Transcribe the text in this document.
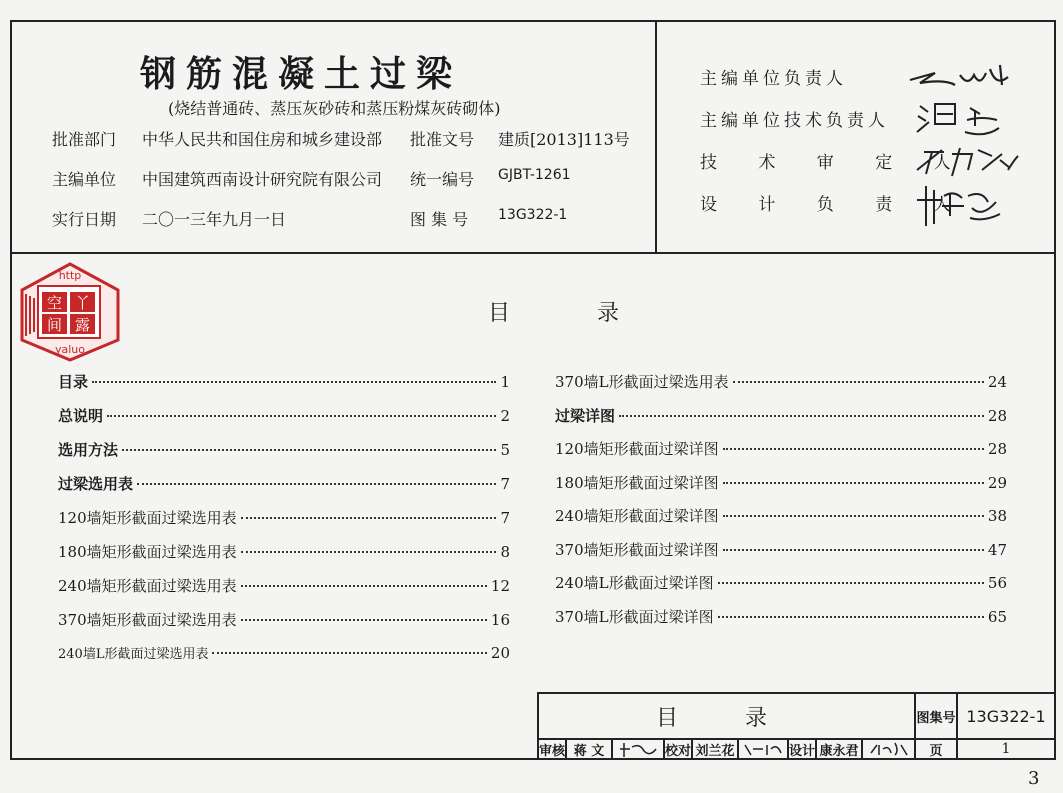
钢筋混凝土过梁
(烧结普通砖、蒸压灰砂砖和蒸压粉煤灰砖砌体)
批准部门 中华人民共和国住房和城乡建设部 批准文号 建质[2013]113号
主编单位 中国建筑西南设计研究院有限公司 统一编号 GJBT-1261
实行日期 二〇一三年九月一日	图 集 号 13G322-1
主编单位负责人
主编单位技术负责人
技 术 审 定 人
设 计 负 责 人
空 丫
间 露
http
yaluo
目 录
目录	1
总说明	2
选用方法	5
过梁选用表	7
120墙矩形截面过梁选用表	7
180墙矩形截面过梁选用表	8
240墙矩形截面过梁选用表	12
370墙矩形截面过梁选用表	16
240墙L形截面过梁选用表	20
370墙L形截面过梁选用表	24
过梁详图	28
120墙矩形截面过梁详图	28
180墙矩形截面过梁详图	29
240墙矩形截面过梁详图	38
370墙矩形截面过梁详图	47
240墙L形截面过梁详图	56
370墙L形截面过梁详图	65
目 录	图集号 13G322-1
审核 蒋 文	校对 刘兰花	设计 康永君	页	1
3
